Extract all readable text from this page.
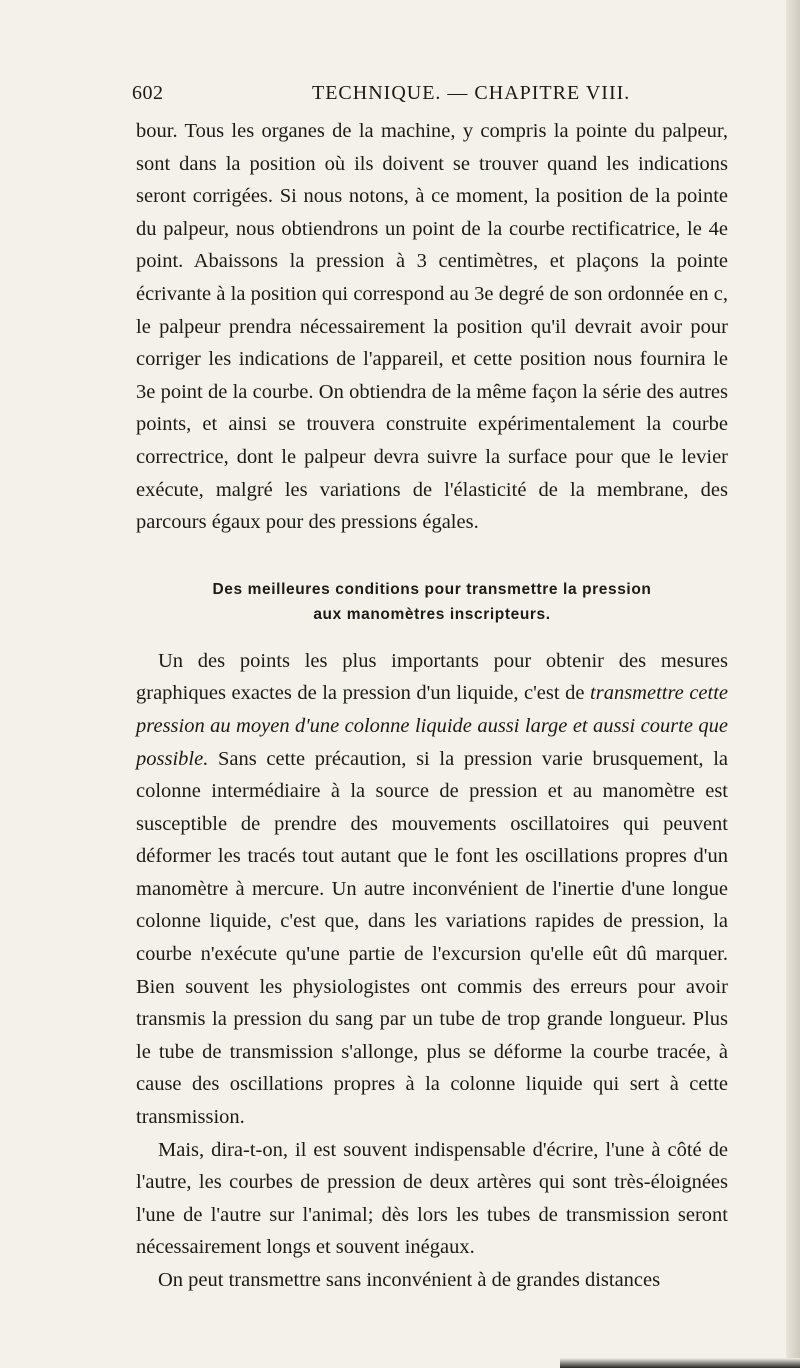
602	TECHNIQUE. — CHAPITRE VIII.

bour. Tous les organes de la machine, y compris la pointe du palpeur, sont dans la position où ils doivent se trouver quand les indications seront corrigées. Si nous notons, à ce moment, la position de la pointe du palpeur, nous obtiendrons un point de la courbe rectificatrice, le 4e point. Abaissons la pression à 3 centimètres, et plaçons la pointe écrivante à la position qui correspond au 3e degré de son ordonnée en c, le palpeur prendra nécessairement la position qu'il devrait avoir pour corriger les indications de l'appareil, et cette position nous fournira le 3e point de la courbe. On obtiendra de la même façon la série des autres points, et ainsi se trouvera construite expérimentalement la courbe correctrice, dont le palpeur devra suivre la surface pour que le levier exécute, malgré les variations de l'élasticité de la membrane, des parcours égaux pour des pressions égales.

Des meilleures conditions pour transmettre la pression
aux manomètres inscripteurs.

Un des points les plus importants pour obtenir des mesures graphiques exactes de la pression d'un liquide, c'est de transmettre cette pression au moyen d'une colonne liquide aussi large et aussi courte que possible. Sans cette précaution, si la pression varie brusquement, la colonne intermédiaire à la source de pression et au manomètre est susceptible de prendre des mouvements oscillatoires qui peuvent déformer les tracés tout autant que le font les oscillations propres d'un manomètre à mercure. Un autre inconvénient de l'inertie d'une longue colonne liquide, c'est que, dans les variations rapides de pression, la courbe n'exécute qu'une partie de l'excursion qu'elle eût dû marquer. Bien souvent les physiologistes ont commis des erreurs pour avoir transmis la pression du sang par un tube de trop grande longueur. Plus le tube de transmission s'allonge, plus se déforme la courbe tracée, à cause des oscillations propres à la colonne liquide qui sert à cette transmission.

Mais, dira-t-on, il est souvent indispensable d'écrire, l'une à côté de l'autre, les courbes de pression de deux artères qui sont très-éloignées l'une de l'autre sur l'animal; dès lors les tubes de transmission seront nécessairement longs et souvent inégaux.

On peut transmettre sans inconvénient à de grandes distances
